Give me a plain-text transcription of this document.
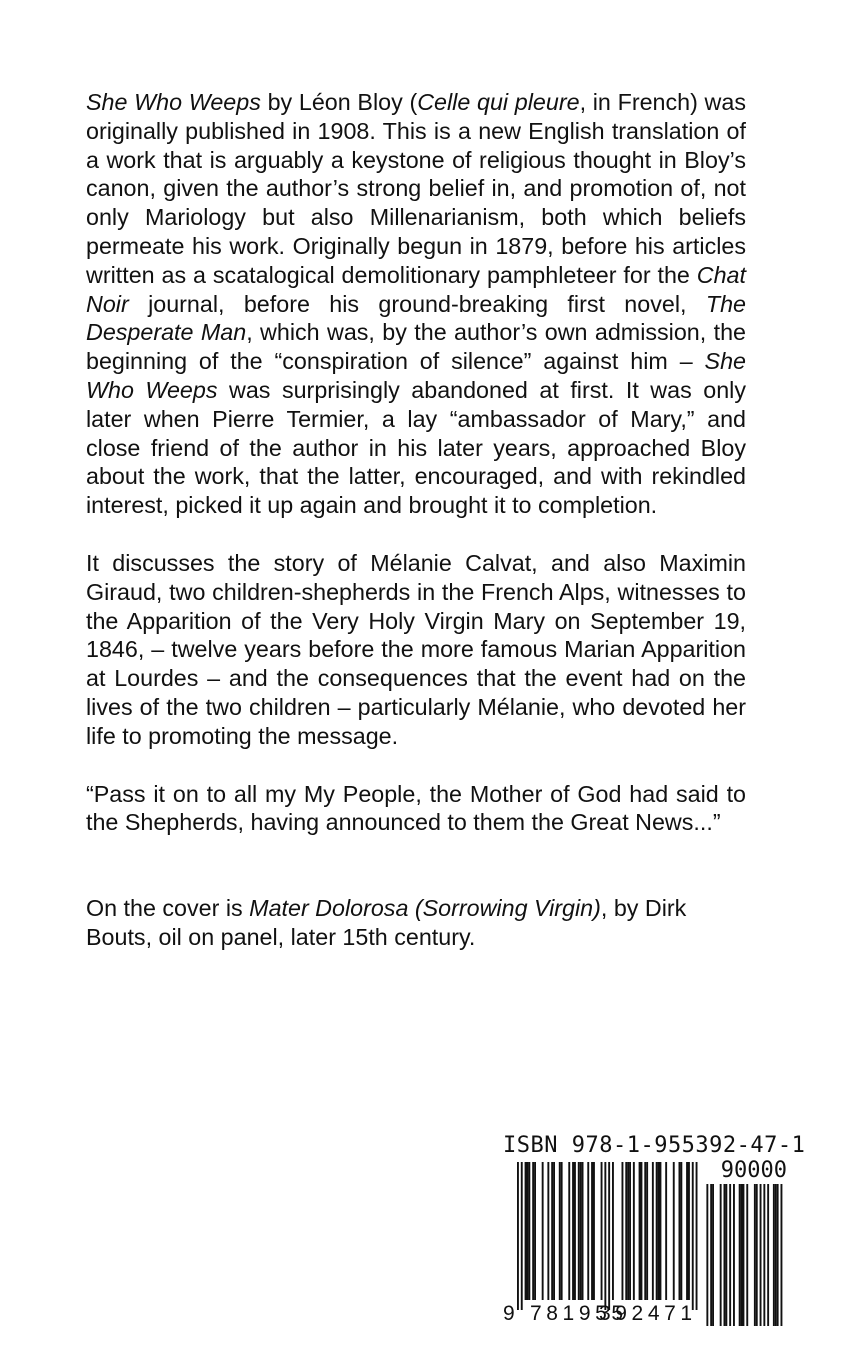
She Who Weeps by Léon Bloy (Celle qui pleure, in French) was originally published in 1908. This is a new English translation of a work that is arguably a keystone of religious thought in Bloy’s canon, given the author’s strong belief in, and promotion of, not only Mariology but also Millenarianism, both which beliefs permeate his work. Originally begun in 1879, before his articles written as a scatalogical demolitionary pamphleteer for the Chat Noir journal, before his ground-breaking first novel, The Desperate Man, which was, by the author’s own admission, the beginning of the “conspiration of silence” against him – She Who Weeps was surprisingly abandoned at first. It was only later when Pierre Termier, a lay “ambassador of Mary,” and close friend of the author in his later years, approached Bloy about the work, that the latter, encouraged, and with rekindled interest, picked it up again and brought it to completion.

It discusses the story of Mélanie Calvat, and also Maximin Giraud, two children-shepherds in the French Alps, witnesses to the Apparition of the Very Holy Virgin Mary on September 19, 1846, – twelve years before the more famous Marian Apparition at Lourdes – and the consequences that the event had on the lives of the two children – particularly Mélanie, who devoted her life to promoting the message.

“Pass it on to all my My People, the Mother of God had said to the Shepherds, having announced to them the Great News...”

On the cover is Mater Dolorosa (Sorrowing Virgin), by Dirk Bouts, oil on panel, later 15th century.

ISBN 978-1-955392-47-1
90000
9 781955
392471
